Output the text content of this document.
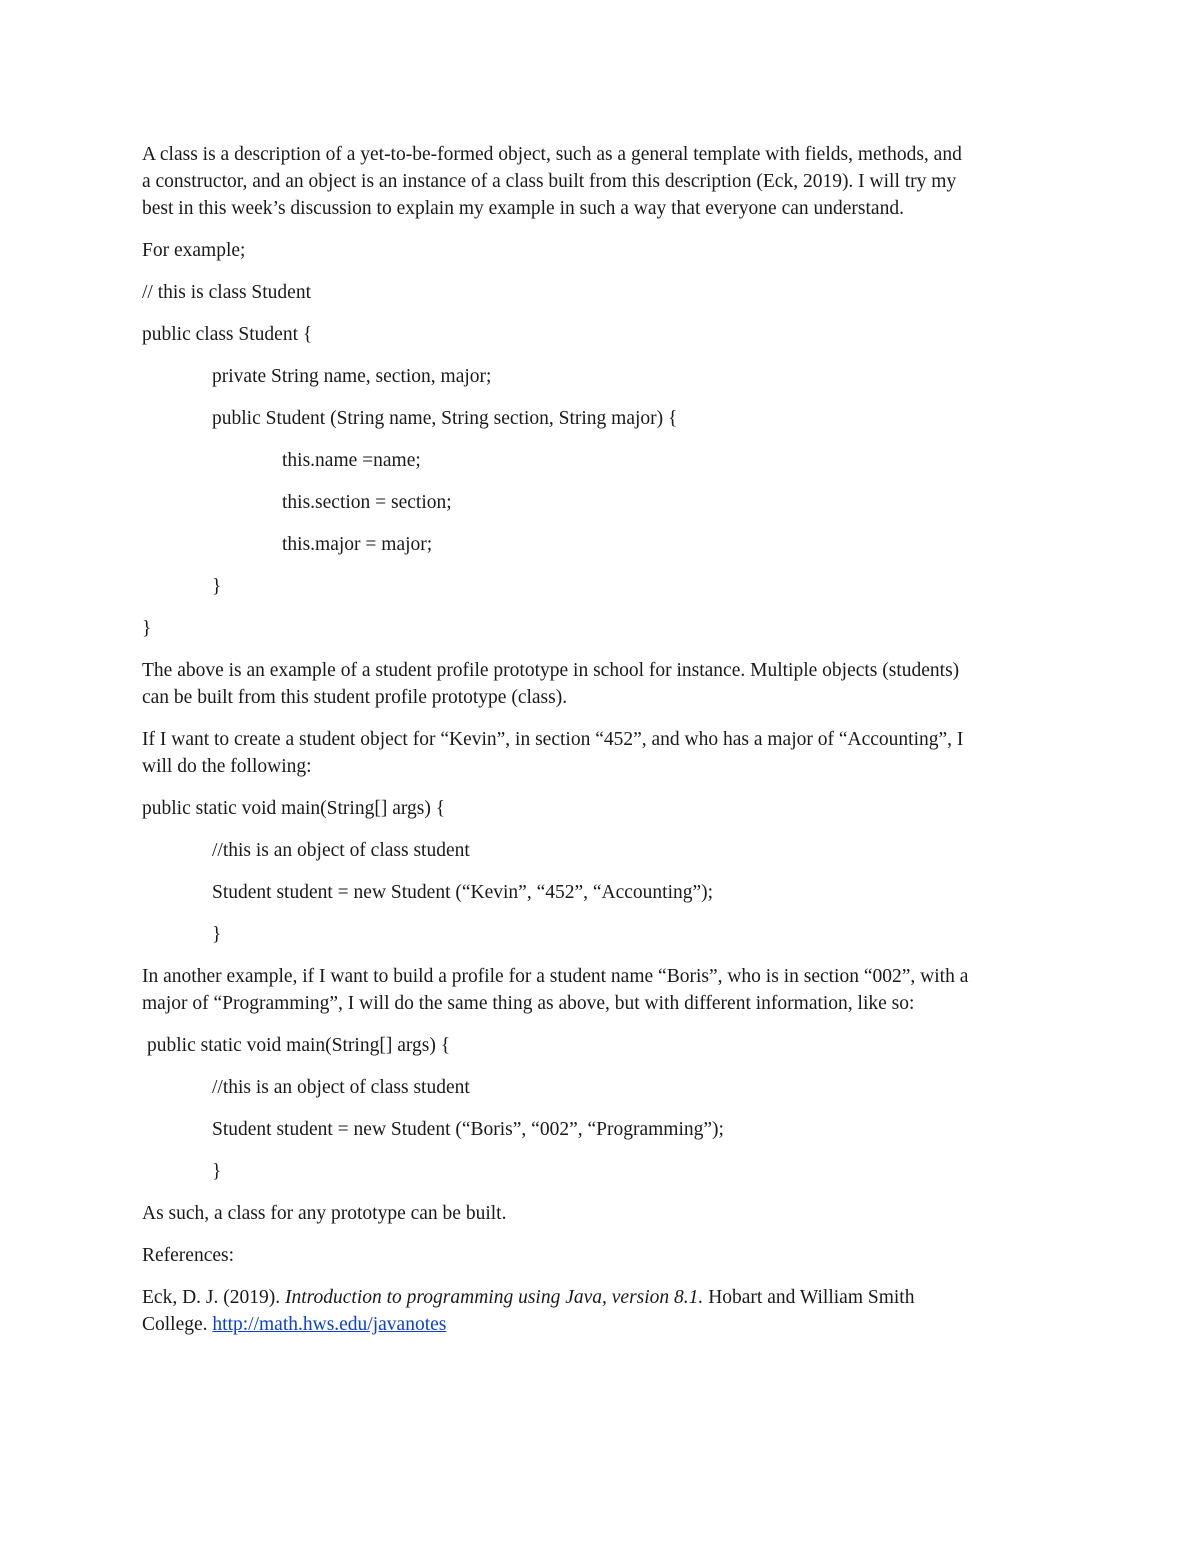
A class is a description of a yet-to-be-formed object, such as a general template with fields, methods, and
a constructor, and an object is an instance of a class built from this description (Eck, 2019). I will try my
best in this week’s discussion to explain my example in such a way that everyone can understand.

For example;

// this is class Student

public class Student {

private String name, section, major;

public Student (String name, String section, String major) {

this.name =name;

this.section = section;

this.major = major;

}

}

The above is an example of a student profile prototype in school for instance. Multiple objects (students)
can be built from this student profile prototype (class).

If I want to create a student object for “Kevin”, in section “452”, and who has a major of “Accounting”, I
will do the following:

public static void main(String[] args) {

//this is an object of class student

Student student = new Student (“Kevin”, “452”, “Accounting”);

}

In another example, if I want to build a profile for a student name “Boris”, who is in section “002”, with a
major of “Programming”, I will do the same thing as above, but with different information, like so:

public static void main(String[] args) {

//this is an object of class student

Student student = new Student (“Boris”, “002”, “Programming”);

}

As such, a class for any prototype can be built.

References:

Eck, D. J. (2019). Introduction to programming using Java, version 8.1. Hobart and William Smith
College. http://math.hws.edu/javanotes
